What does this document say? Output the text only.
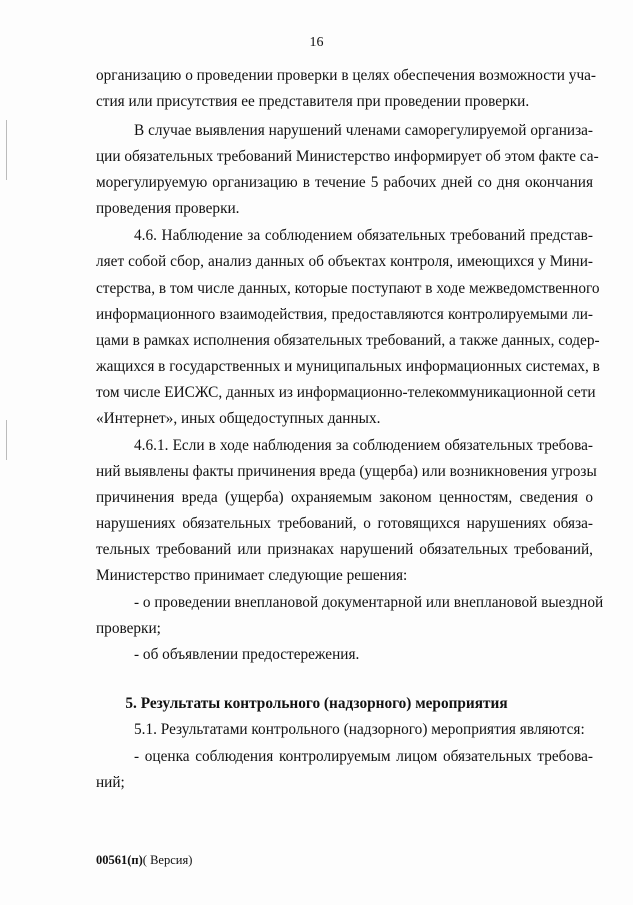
16
организацию о проведении проверки в целях обеспечения возможности уча-
стия или присутствия ее представителя при проведении проверки.
В случае выявления нарушений членами саморегулируемой организа-
ции обязательных требований Министерство информирует об этом факте са-
морегулируемую организацию в течение 5 рабочих дней со дня окончания
проведения проверки.
4.6. Наблюдение за соблюдением обязательных требований представ-
ляет собой сбор, анализ данных об объектах контроля, имеющихся у Мини-
стерства, в том числе данных, которые поступают в ходе межведомственного
информационного взаимодействия, предоставляются контролируемыми ли-
цами в рамках исполнения обязательных требований, а также данных, содер-
жащихся в государственных и муниципальных информационных системах, в
том числе ЕИСЖС, данных из информационно-телекоммуникационной сети
«Интернет», иных общедоступных данных.
4.6.1. Если в ходе наблюдения за соблюдением обязательных требова-
ний выявлены факты причинения вреда (ущерба) или возникновения угрозы
причинения вреда (ущерба) охраняемым законом ценностям, сведения о
нарушениях обязательных требований, о готовящихся нарушениях обяза-
тельных требований или признаках нарушений обязательных требований,
Министерство принимает следующие решения:
- о проведении внеплановой документарной или внеплановой выездной
проверки;
- об объявлении предостережения.
5. Результаты контрольного (надзорного) мероприятия
5.1. Результатами контрольного (надзорного) мероприятия являются:
- оценка соблюдения контролируемым лицом обязательных требова-
ний;
00561(п)( Версия)
